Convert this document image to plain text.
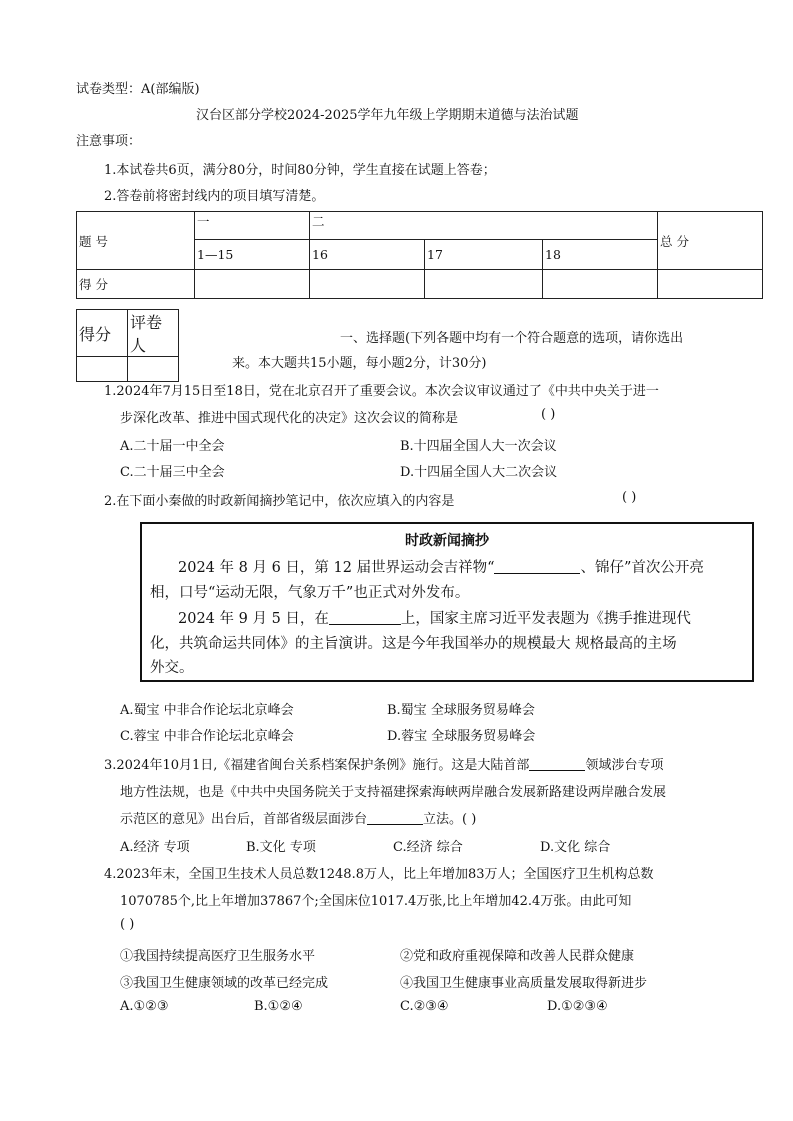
试卷类型：A(部编版)
汉台区部分学校2024-2025学年九年级上学期期末道德与法治试题
注意事项：
1.本试卷共6页，满分80分，时间80分钟，学生直接在试题上答卷；
2.答卷前将密封线内的项目填写清楚。
题 号	一	二			总 分
	1—15	16	17	18	
得 分					
得分	评卷人
		一、选择题(下列各题中均有一个符合题意的选项，请你选出
来。本大题共15小题，每小题2分，计30分)
1.2024年7月15日至18日，党在北京召开了重要会议。本次会议审议通过了《中共中央关于进一
步深化改革、推进中国式现代化的决定》这次会议的简称是	( )
A.二十届一中全会	B.十四届全国人大一次会议
C.二十届三中全会	D.十四届全国人大二次会议
2.在下面小秦做的时政新闻摘抄笔记中，依次应填入的内容是	( )
时政新闻摘抄
2024 年 8 月 6 日，第 12 届世界运动会吉祥物“	、锦仔”首次公开亮
相，口号“运动无限，气象万千”也正式对外发布。
2024 年 9 月 5 日，在	上，国家主席习近平发表题为《携手推进现代
化，共筑命运共同体》的主旨演讲。这是今年我国举办的规模最大 规格最高的主场
外交。
A.蜀宝 中非合作论坛北京峰会	B.蜀宝 全球服务贸易峰会
C.蓉宝 中非合作论坛北京峰会	D.蓉宝 全球服务贸易峰会
3.2024年10月1日,《福建省闽台关系档案保护条例》施行。这是大陆首部	领域涉台专项
地方性法规，也是《中共中央国务院关于支持福建探索海峡两岸融合发展新路建设两岸融合发展
示范区的意见》出台后，首部省级层面涉台	立法。( )
A.经济 专项	B.文化 专项	C.经济 综合	D.文化 综合
4.2023年末，全国卫生技术人员总数1248.8万人，比上年增加83万人；全国医疗卫生机构总数
1070785个,比上年增加37867个;全国床位1017.4万张,比上年增加42.4万张。由此可知
( )
①我国持续提高医疗卫生服务水平	②党和政府重视保障和改善人民群众健康
③我国卫生健康领域的改革已经完成	④我国卫生健康事业高质量发展取得新进步
A.①②③	B.①②④	C.②③④	D.①②③④
